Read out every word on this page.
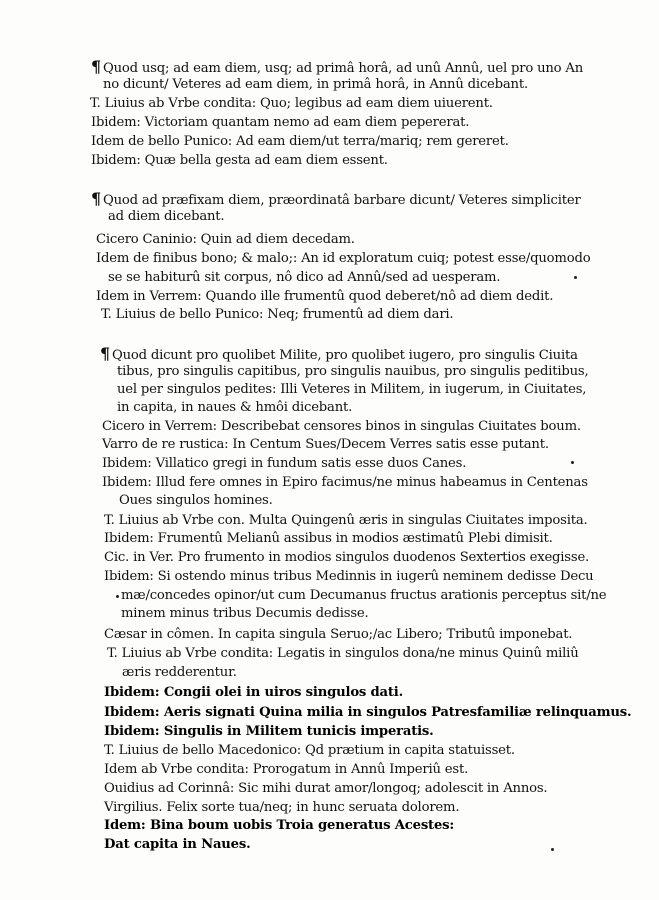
¶ Quod usq; ad eam diem, usq; ad primâ horâ, ad unû Annû, uel pro uno An
no dicunt/ Veteres ad eam diem, in primâ horâ, in Annû dicebant.
T. Liuius ab Vrbe condita: Quo; legibus ad eam diem uiuerent.
Ibidem: Victoriam quantam nemo ad eam diem pepererat.
Idem de bello Punico: Ad eam diem/ut terra/mariq; rem gereret.
Ibidem: Quæ bella gesta ad eam diem essent.
¶ Quod ad præfixam diem, præordinatâ barbare dicunt/ Veteres simpliciter
ad diem dicebant.
Cicero Caninio: Quin ad diem decedam.
Idem de finibus bono; & malo;: An id exploratum cuiq; potest esse/quomodo
se se habiturû sit corpus, nô dico ad Annû/sed ad uesperam.
Idem in Verrem: Quando ille frumentû quod deberet/nô ad diem dedit.
T. Liuius de bello Punico: Neq; frumentû ad diem dari.
¶ Quod dicunt pro quolibet Milite, pro quolibet iugero, pro singulis Ciuita
tibus, pro singulis capitibus, pro singulis nauibus, pro singulis peditibus,
uel per singulos pedites: Illi Veteres in Militem, in iugerum, in Ciuitates,
in capita, in naues & hmôi dicebant.
Cicero in Verrem: Describebat censores binos in singulas Ciuitates boum.
Varro de re rustica: In Centum Sues/Decem Verres satis esse putant.
Ibidem: Villatico gregi in fundum satis esse duos Canes.
Ibidem: Illud fere omnes in Epiro facimus/ne minus habeamus in Centenas
Oues singulos homines.
T. Liuius ab Vrbe con. Multa Quingenû æris in singulas Ciuitates imposita.
Ibidem: Frumentû Melianû assibus in modios æstimatû Plebi dimisit.
Cic. in Ver. Pro frumento in modios singulos duodenos Sextertios exegisse.
Ibidem: Si ostendo minus tribus Medinnis in iugerû neminem dedisse Decu
mæ/concedes opinor/ut cum Decumanus fructus arationis perceptus sit/ne
minem minus tribus Decumis dedisse.
Cæsar in cômen. In capita singula Seruo;/ac Libero; Tributû imponebat.
T. Liuius ab Vrbe condita: Legatis in singulos dona/ne minus Quinû miliû
æris redderentur.
Ibidem: Congii olei in uiros singulos dati.
Ibidem: Aeris signati Quina milia in singulos Patresfamiliæ relinquamus.
Ibidem: Singulis in Militem tunicis imperatis.
T. Liuius de bello Macedonico: Qd prætium in capita statuisset.
Idem ab Vrbe condita: Prorogatum in Annû Imperiû est.
Ouidius ad Corinnâ: Sic mihi durat amor/longoq; adolescit in Annos.
Virgilius. Felix sorte tua/neq; in hunc seruata dolorem.
Idem: Bina boum uobis Troia generatus Acestes:
Dat capita in Naues.
